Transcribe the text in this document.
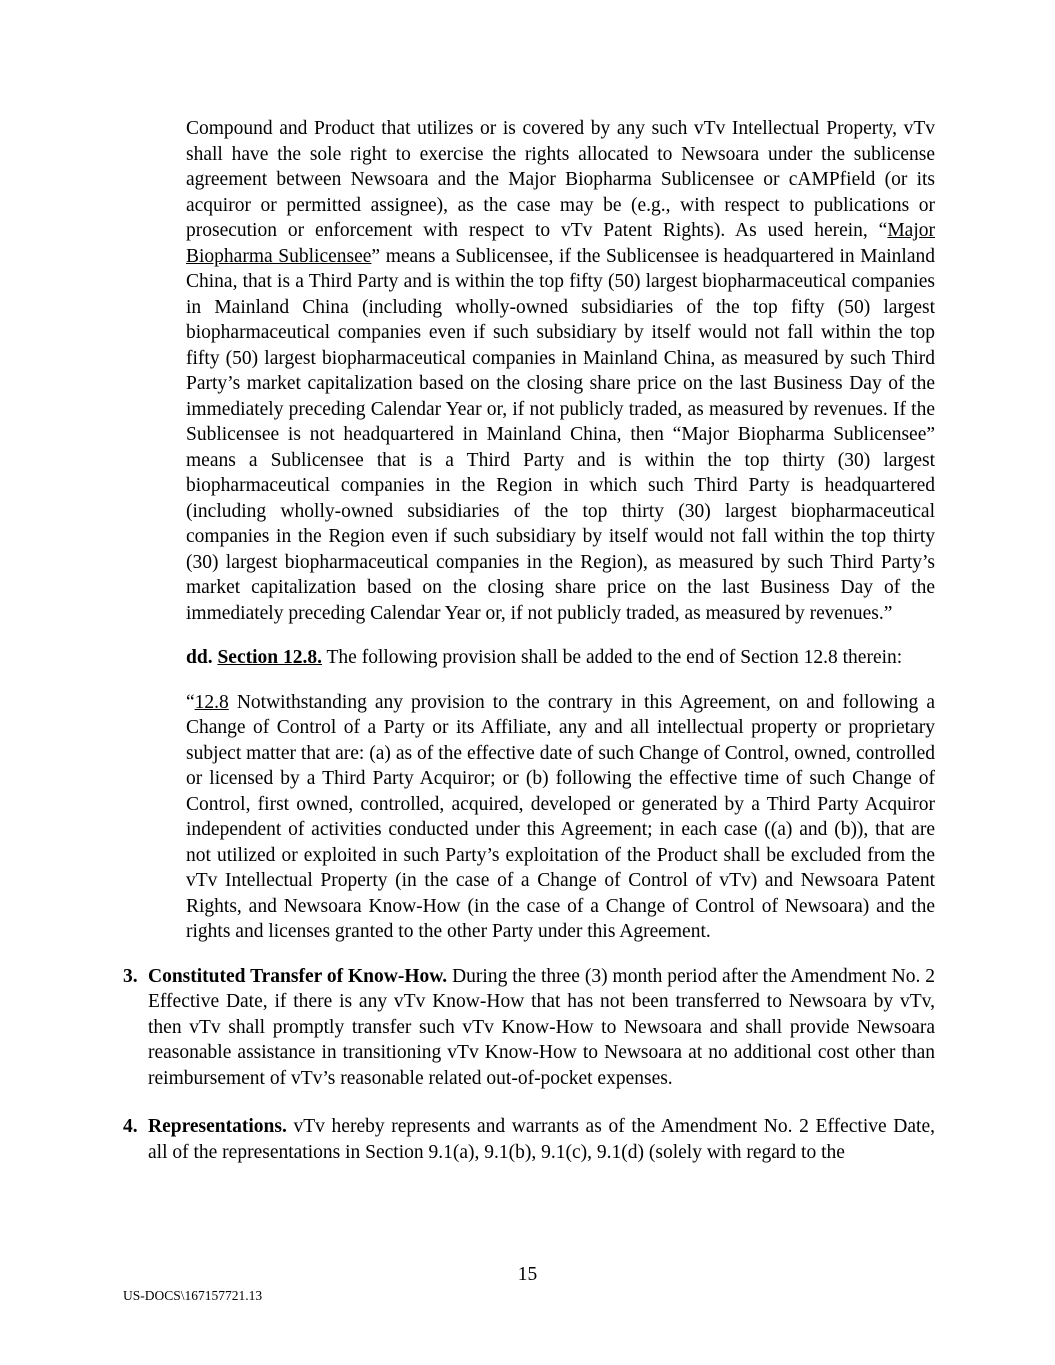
Compound and Product that utilizes or is covered by any such vTv Intellectual Property, vTv shall have the sole right to exercise the rights allocated to Newsoara under the sublicense agreement between Newsoara and the Major Biopharma Sublicensee or cAMPfield (or its acquiror or permitted assignee), as the case may be (e.g., with respect to publications or prosecution or enforcement with respect to vTv Patent Rights). As used herein, “Major Biopharma Sublicensee” means a Sublicensee, if the Sublicensee is headquartered in Mainland China, that is a Third Party and is within the top fifty (50) largest biopharmaceutical companies in Mainland China (including wholly-owned subsidiaries of the top fifty (50) largest biopharmaceutical companies even if such subsidiary by itself would not fall within the top fifty (50) largest biopharmaceutical companies in Mainland China, as measured by such Third Party’s market capitalization based on the closing share price on the last Business Day of the immediately preceding Calendar Year or, if not publicly traded, as measured by revenues. If the Sublicensee is not headquartered in Mainland China, then “Major Biopharma Sublicensee” means a Sublicensee that is a Third Party and is within the top thirty (30) largest biopharmaceutical companies in the Region in which such Third Party is headquartered (including wholly-owned subsidiaries of the top thirty (30) largest biopharmaceutical companies in the Region even if such subsidiary by itself would not fall within the top thirty (30) largest biopharmaceutical companies in the Region), as measured by such Third Party’s market capitalization based on the closing share price on the last Business Day of the immediately preceding Calendar Year or, if not publicly traded, as measured by revenues.”

dd. Section 12.8. The following provision shall be added to the end of Section 12.8 therein:

“12.8 Notwithstanding any provision to the contrary in this Agreement, on and following a Change of Control of a Party or its Affiliate, any and all intellectual property or proprietary subject matter that are: (a) as of the effective date of such Change of Control, owned, controlled or licensed by a Third Party Acquiror; or (b) following the effective time of such Change of Control, first owned, controlled, acquired, developed or generated by a Third Party Acquiror independent of activities conducted under this Agreement; in each case ((a) and (b)), that are not utilized or exploited in such Party’s exploitation of the Product shall be excluded from the vTv Intellectual Property (in the case of a Change of Control of vTv) and Newsoara Patent Rights, and Newsoara Know-How (in the case of a Change of Control of Newsoara) and the rights and licenses granted to the other Party under this Agreement.

3. Constituted Transfer of Know-How. During the three (3) month period after the Amendment No. 2 Effective Date, if there is any vTv Know-How that has not been transferred to Newsoara by vTv, then vTv shall promptly transfer such vTv Know-How to Newsoara and shall provide Newsoara reasonable assistance in transitioning vTv Know-How to Newsoara at no additional cost other than reimbursement of vTv’s reasonable related out-of-pocket expenses.

4. Representations. vTv hereby represents and warrants as of the Amendment No. 2 Effective Date, all of the representations in Section 9.1(a), 9.1(b), 9.1(c), 9.1(d) (solely with regard to the

15
US-DOCS\167157721.13
